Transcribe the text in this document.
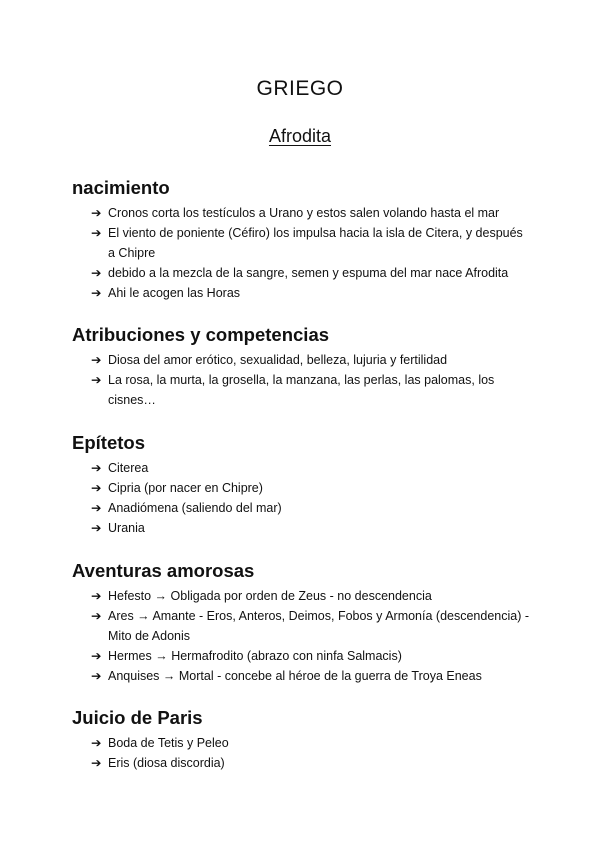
GRIEGO
Afrodita
nacimiento
➔ Cronos corta los testículos a Urano y estos salen volando hasta el mar
➔ El viento de poniente (Céfiro) los impulsa hacia la isla de Citera, y después a Chipre
➔ debido a la mezcla de la sangre, semen y espuma del mar nace Afrodita
➔ Ahi le acogen las Horas
Atribuciones y competencias
➔ Diosa del amor erótico, sexualidad, belleza, lujuria y fertilidad
➔ La rosa, la murta, la grosella, la manzana, las perlas, las palomas, los cisnes…
Epítetos
➔ Citerea
➔ Cipria (por nacer en Chipre)
➔ Anadiómena (saliendo del mar)
➔ Urania
Aventuras amorosas
➔ Hefesto → Obligada por orden de Zeus - no descendencia
➔ Ares → Amante - Eros, Anteros, Deimos, Fobos y Armonía (descendencia) - Mito de Adonis
➔ Hermes → Hermafrodito (abrazo con ninfa Salmacis)
➔ Anquises → Mortal - concebe al héroe de la guerra de Troya Eneas
Juicio de Paris
➔ Boda de Tetis y Peleo
➔ Eris (diosa discordia)
